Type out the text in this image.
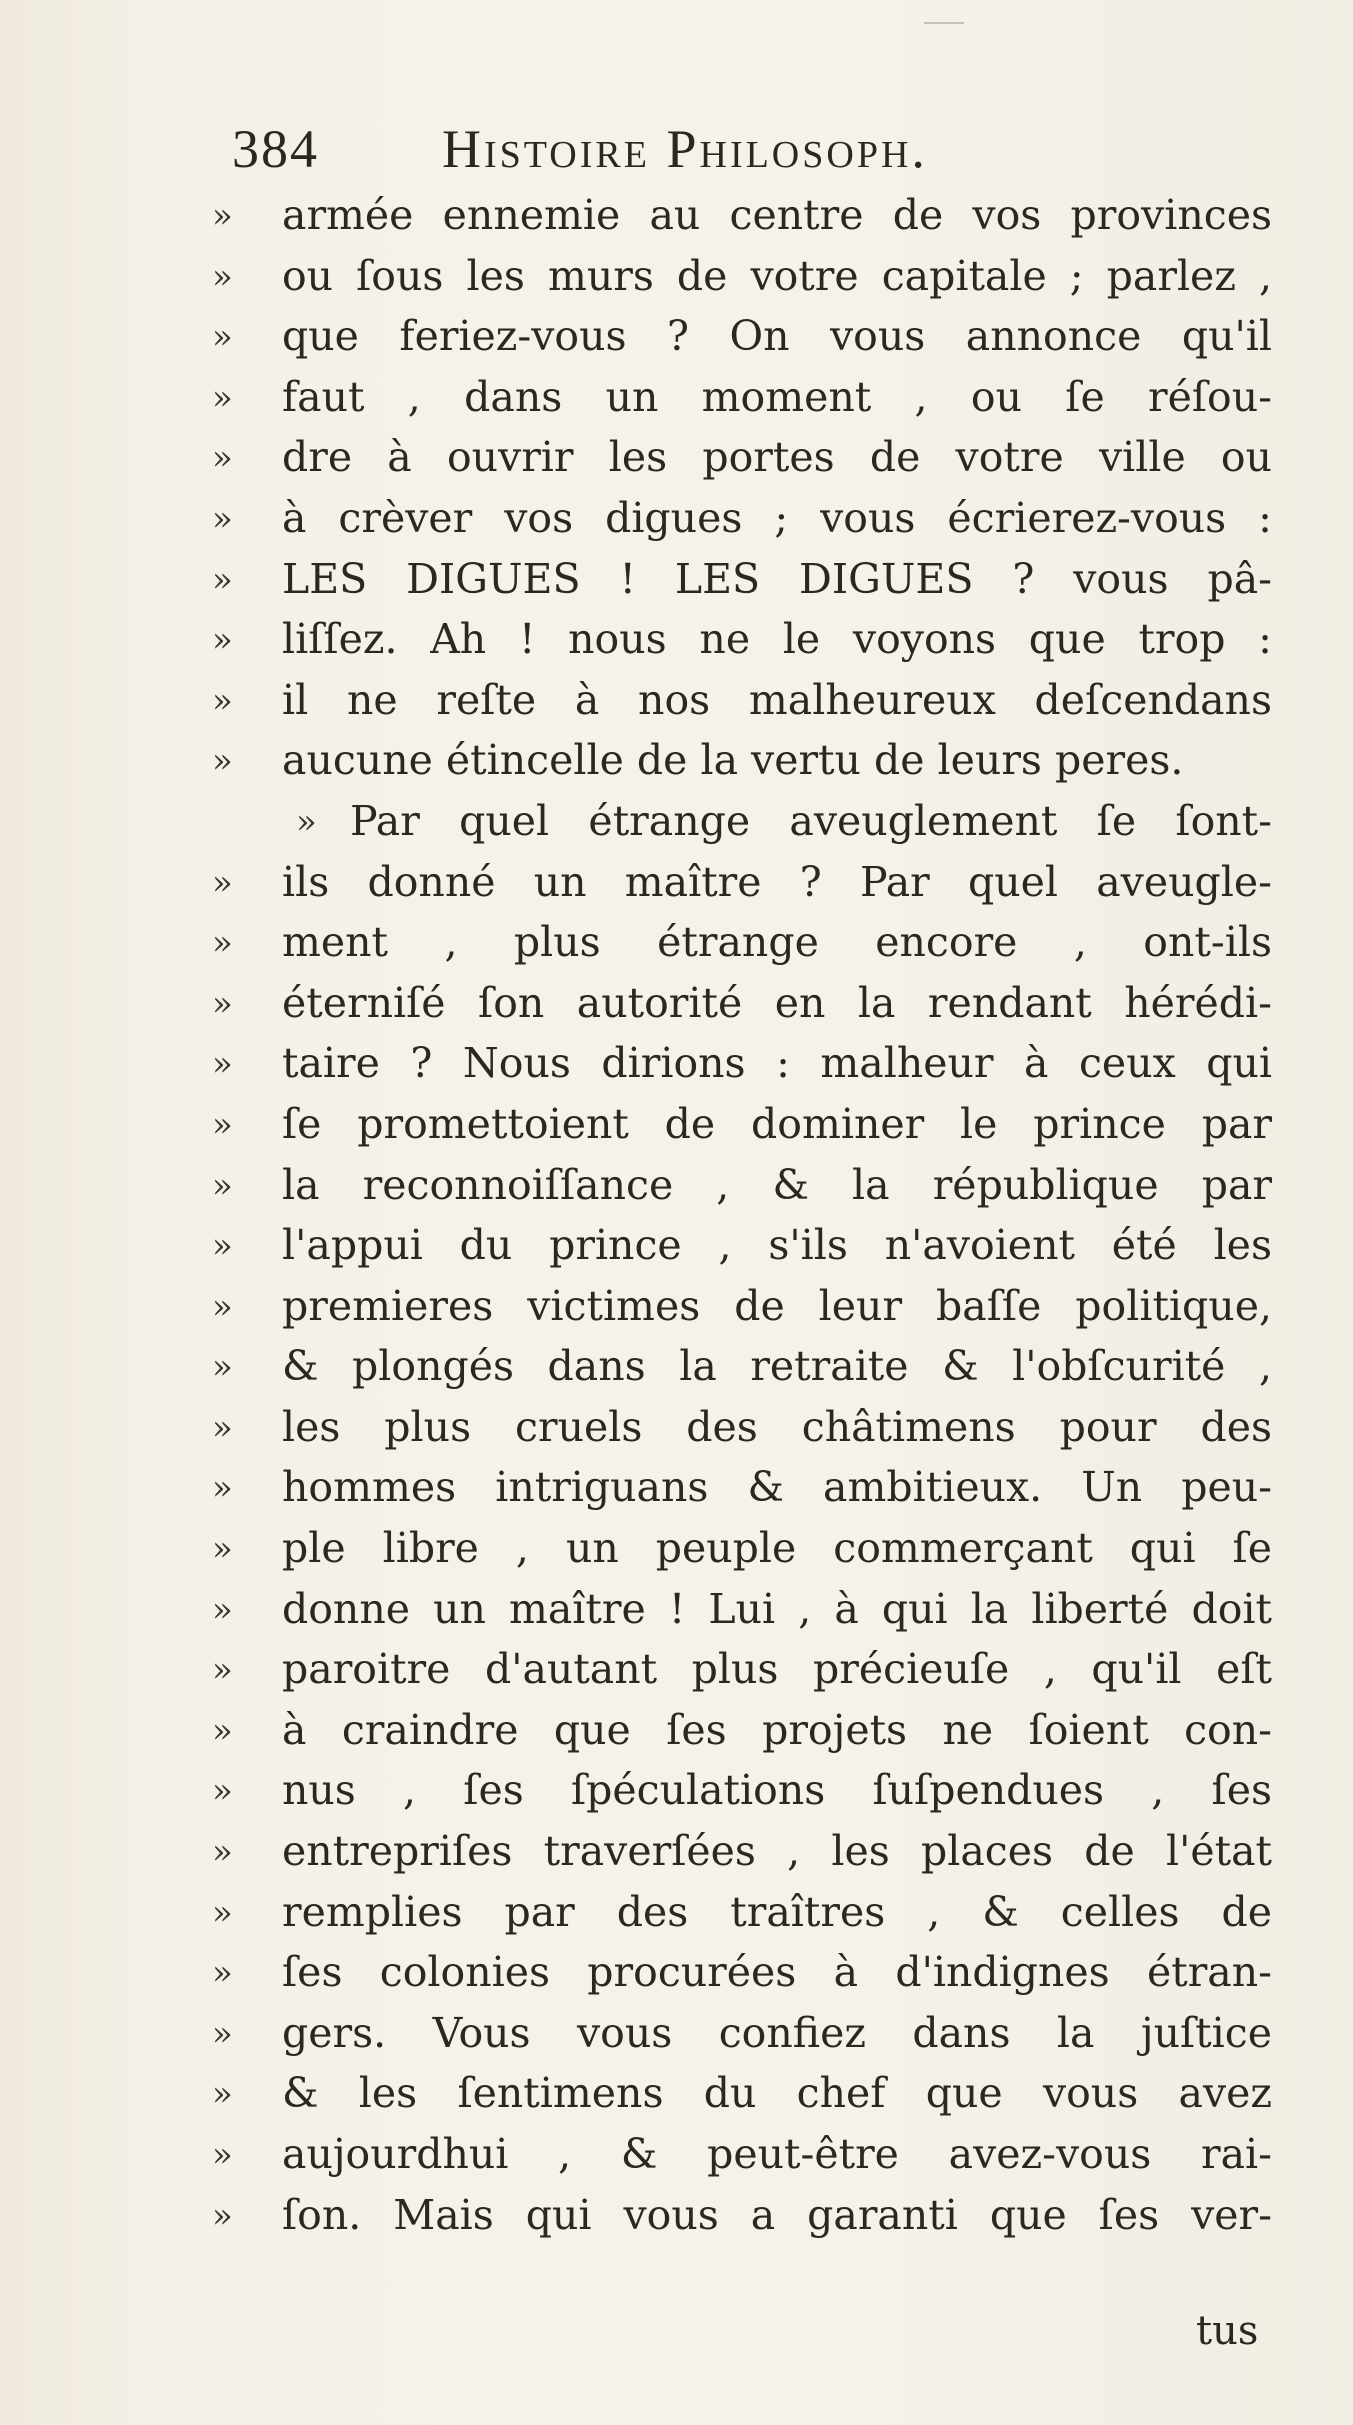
384 Histoire Philosoph.
» armée ennemie au centre de vos provinces
» ou ſous les murs de votre capitale ; parlez ,
» que feriez-vous ? On vous annonce qu'il
» faut , dans un moment , ou ſe réſou-
» dre à ouvrir les portes de votre ville ou
» à crèver vos digues ; vous écrierez-vous :
» LES DIGUES ! LES DIGUES ? vous pâ-
» liſſez. Ah ! nous ne le voyons que trop :
» il ne reſte à nos malheureux deſcendans
» aucune étincelle de la vertu de leurs peres.
» Par quel étrange aveuglement ſe ſont-
» ils donné un maître ? Par quel aveugle-
» ment , plus étrange encore , ont-ils
» éterniſé ſon autorité en la rendant hérédi-
» taire ? Nous dirions : malheur à ceux qui
» ſe promettoient de dominer le prince par
» la reconnoiſſance , & la république par
» l'appui du prince , s'ils n'avoient été les
» premieres victimes de leur baſſe politique,
» & plongés dans la retraite & l'obſcurité ,
» les plus cruels des châtimens pour des
» hommes intriguans & ambitieux. Un peu-
» ple libre , un peuple commerçant qui ſe
» donne un maître ! Lui , à qui la liberté doit
» paroitre d'autant plus précieuſe , qu'il eſt
» à craindre que ſes projets ne ſoient con-
» nus , ſes ſpéculations ſuſpendues , ſes
» entrepriſes traverſées , les places de l'état
» remplies par des traîtres , & celles de
» ſes colonies procurées à d'indignes étran-
» gers. Vous vous confiez dans la juſtice
» & les ſentimens du chef que vous avez
» aujourdhui , & peut-être avez-vous rai-
» ſon. Mais qui vous a garanti que ſes ver-
tus
